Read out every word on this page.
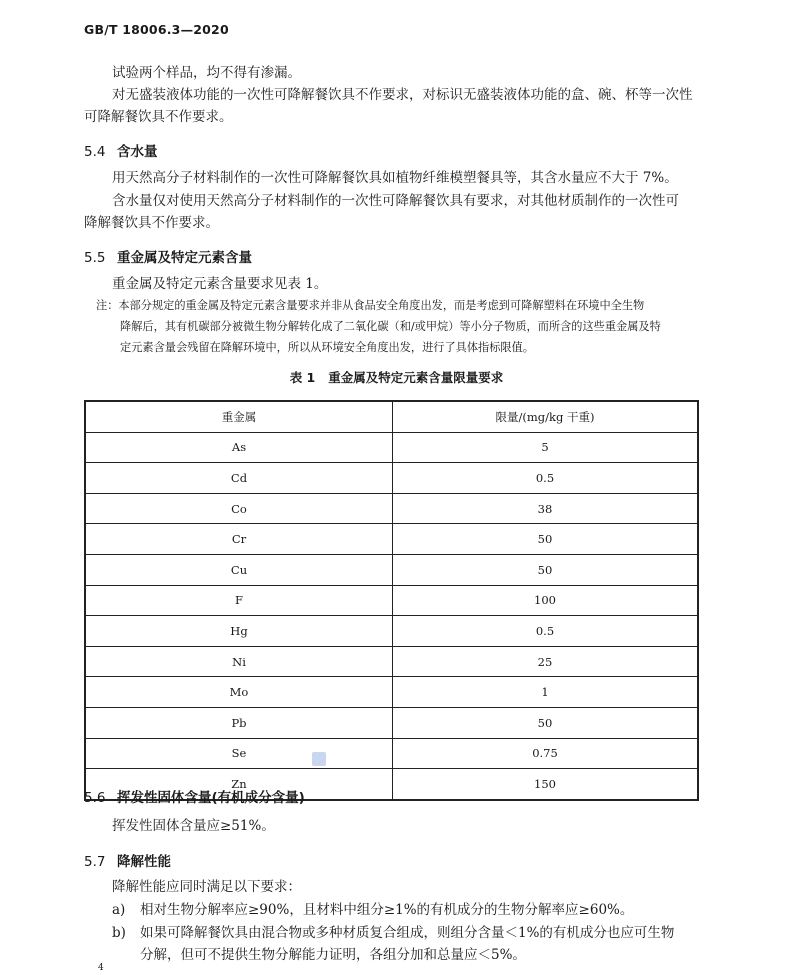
GB/T 18006.3—2020
试验两个样品，均不得有渗漏。
对无盛装液体功能的一次性可降解餐饮具不作要求，对标识无盛装液体功能的盒、碗、杯等一次性
可降解餐饮具不作要求。
5.4 含水量
用天然高分子材料制作的一次性可降解餐饮具如植物纤维模塑餐具等，其含水量应不大于 7%。
含水量仅对使用天然高分子材料制作的一次性可降解餐饮具有要求，对其他材质制作的一次性可
降解餐饮具不作要求。
5.5 重金属及特定元素含量
重金属及特定元素含量要求见表 1。
注：本部分规定的重金属及特定元素含量要求并非从食品安全角度出发，而是考虑到可降解塑料在环境中全生物
降解后，其有机碳部分被微生物分解转化成了二氧化碳（和/或甲烷）等小分子物质，而所含的这些重金属及特
定元素含量会残留在降解环境中，所以从环境安全角度出发，进行了具体指标限值。
表 1   重金属及特定元素含量限量要求
重金属	限量/(mg/kg 干重)
As	5
Cd	0.5
Co	38
Cr	50
Cu	50
F	100
Hg	0.5
Ni	25
Mo	1
Pb	50
Se	0.75
Zn	150
5.6 挥发性固体含量(有机成分含量)
挥发性固体含量应≥51%。
5.7 降解性能
降解性能应同时满足以下要求：
a) 相对生物分解率应≥90%，且材料中组分≥1%的有机成分的生物分解率应≥60%。
b) 如果可降解餐饮具由混合物或多种材质复合组成，则组分含量＜1%的有机成分也应可生物
分解，但可不提供生物分解能力证明，各组分加和总量应＜5%。
4
